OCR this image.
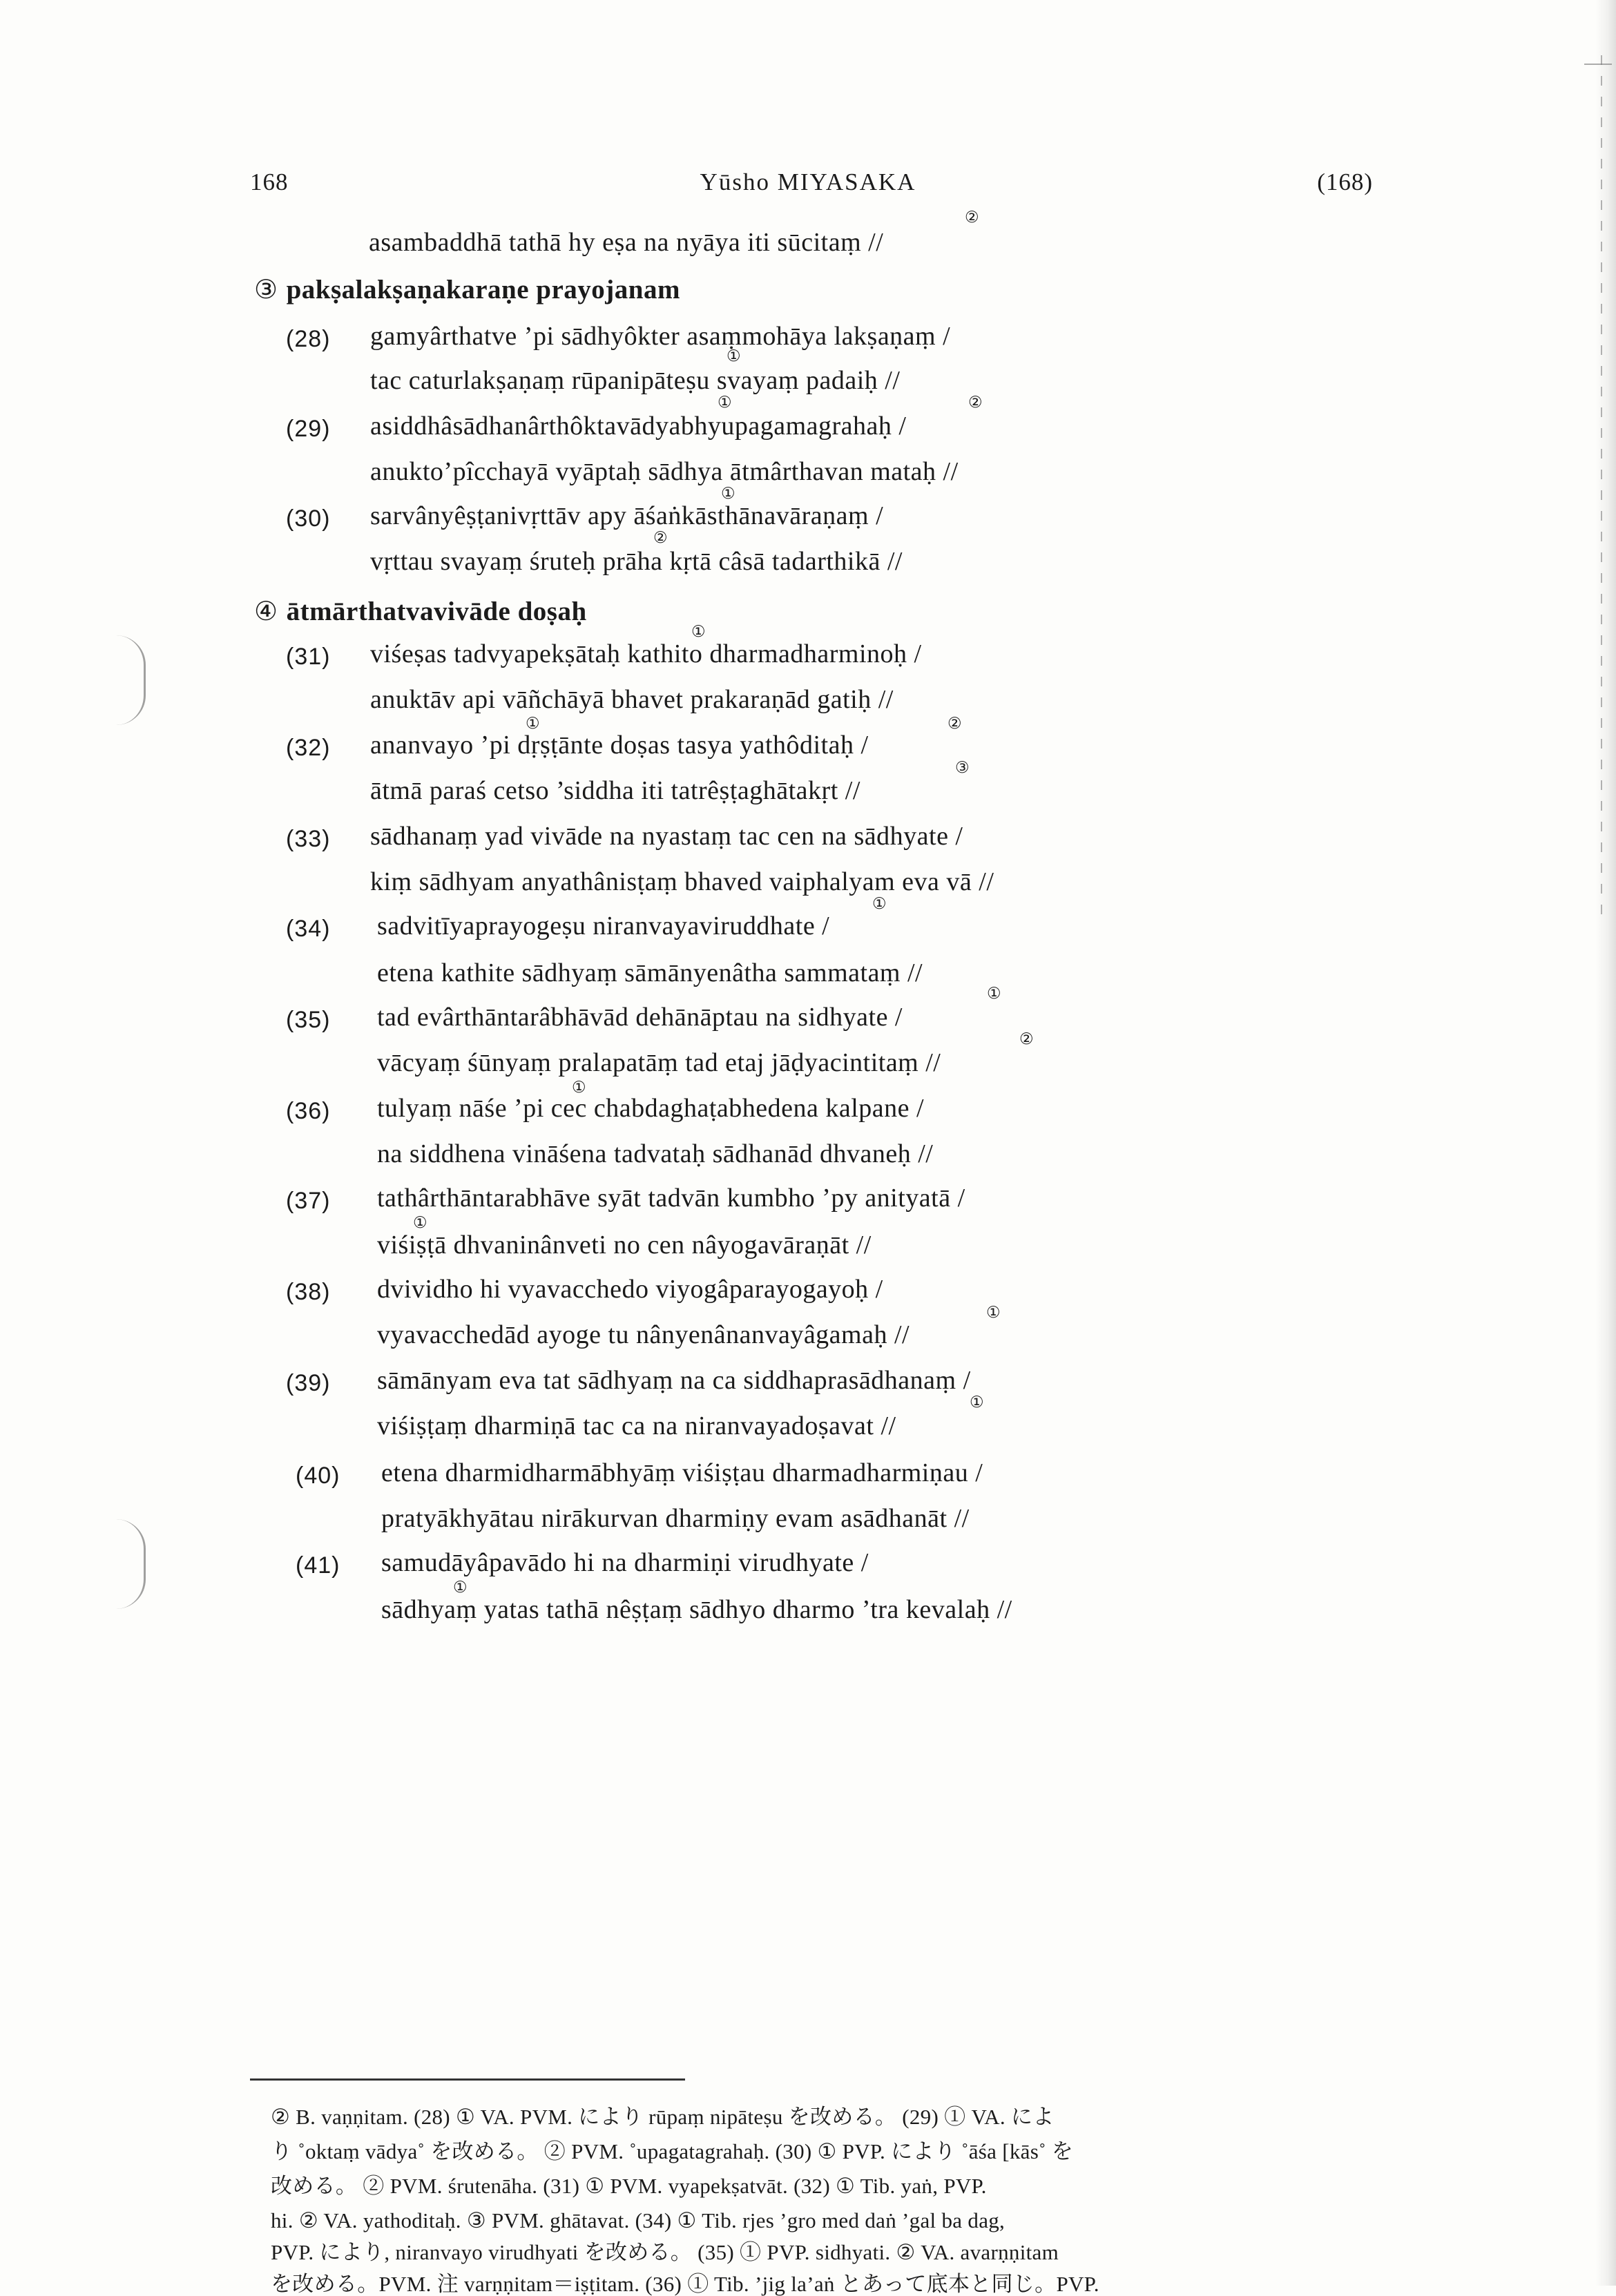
168	Yūsho MIYASAKA	(168)
asambaddhā tathā hy eṣa na nyāya iti sūcitaṃ //
②
③ pakṣalakṣaṇakaraṇe prayojanam
(28) gamyârthatve ’pi sādhyôkter asaṃmohāya lakṣaṇaṃ /
tac caturlakṣaṇaṃ rūpanipāteṣu svayaṃ padaiḥ //
①
(29) asiddhâsādhanârthôktavādyabhyupagamagrahaḥ /
anukto’pîcchayā vyāptaḥ sādhya ātmârthavan mataḥ //
①	②
(30) sarvânyêṣṭanivṛttāv apy āśaṅkāsthānavāraṇaṃ /
vṛttau svayaṃ śruteḥ prāha kṛtā câsā tadarthikā //
①
②
④ ātmārthatvavivāde doṣaḥ
(31) viśeṣas tadvyapekṣātaḥ kathito dharmadharminoḥ /
anuktāv api vāñchāyā bhavet prakaraṇād gatiḥ //
①
(32) ananvayo ’pi dṛṣṭānte doṣas tasya yathôditaḥ /
ātmā paraś cetso ’siddha iti tatrêṣṭaghātakṛt //
①	②
③
(33) sādhanaṃ yad vivāde na nyastaṃ tac cen na sādhyate /
kiṃ sādhyam anyathânisṭaṃ bhaved vaiphalyam eva vā //
(34) sadvitīyaprayogeṣu niranvayaviruddhate /
etena kathite sādhyaṃ sāmānyenâtha sammataṃ //
①
(35) tad evârthāntarâbhāvād dehānāptau na sidhyate /
vācyaṃ śūnyaṃ pralapatāṃ tad etaj jāḍyacintitaṃ //
①
②
(36) tulyaṃ nāśe ’pi cec chabdaghaṭabhedena kalpane /
na siddhena vināśena tadvataḥ sādhanād dhvaneḥ //
①
(37) tathârthāntarabhāve syāt tadvān kumbho ’py anityatā /
viśiṣṭā dhvaninânveti no cen nâyogavāraṇāt //
①
(38) dvividho hi vyavacchedo viyogâparayogayoḥ /
vyavacchedād ayoge tu nânyenânanvayâgamaḥ //
①
(39) sāmānyam eva tat sādhyaṃ na ca siddhaprasādhanaṃ /
viśiṣṭaṃ dharmiṇā tac ca na niranvayadoṣavat //
①
(40) etena dharmidharmābhyāṃ viśiṣṭau dharmadharmiṇau /
pratyākhyātau nirākurvan dharmiṇy evam asādhanāt //
(41) samudāyâpavādo hi na dharmiṇi virudhyate /
sādhyaṃ yatas tathā nêṣṭaṃ sādhyo dharmo ’tra kevalaḥ //
①
② B. vaṇṇitam. (28) ① VA. PVM. により rūpaṃ nipāteṣu を改める。 (29) ① VA. によ
り ˚oktaṃ vādya˚ を改める。 ② PVM. ˚upagatagrahaḥ. (30) ① PVP. により ˚āśa [kās˚ を
改める。 ② PVM. śrutenāha. (31) ① PVM. vyapekṣatvāt. (32) ① Tib. yaṅ, PVP.
hi. ② VA. yathoditaḥ. ③ PVM. ghātavat. (34) ① Tib. rjes ’gro med daṅ ’gal ba dag,
PVP. により, niranvayo virudhyati を改める。 (35) ① PVP. sidhyati. ② VA. avarṇṇitam
を改める。PVM. 注 varṇṇitam＝iṣṭitam. (36) ① Tib. ’jig la’aṅ とあって底本と同じ。PVP.
